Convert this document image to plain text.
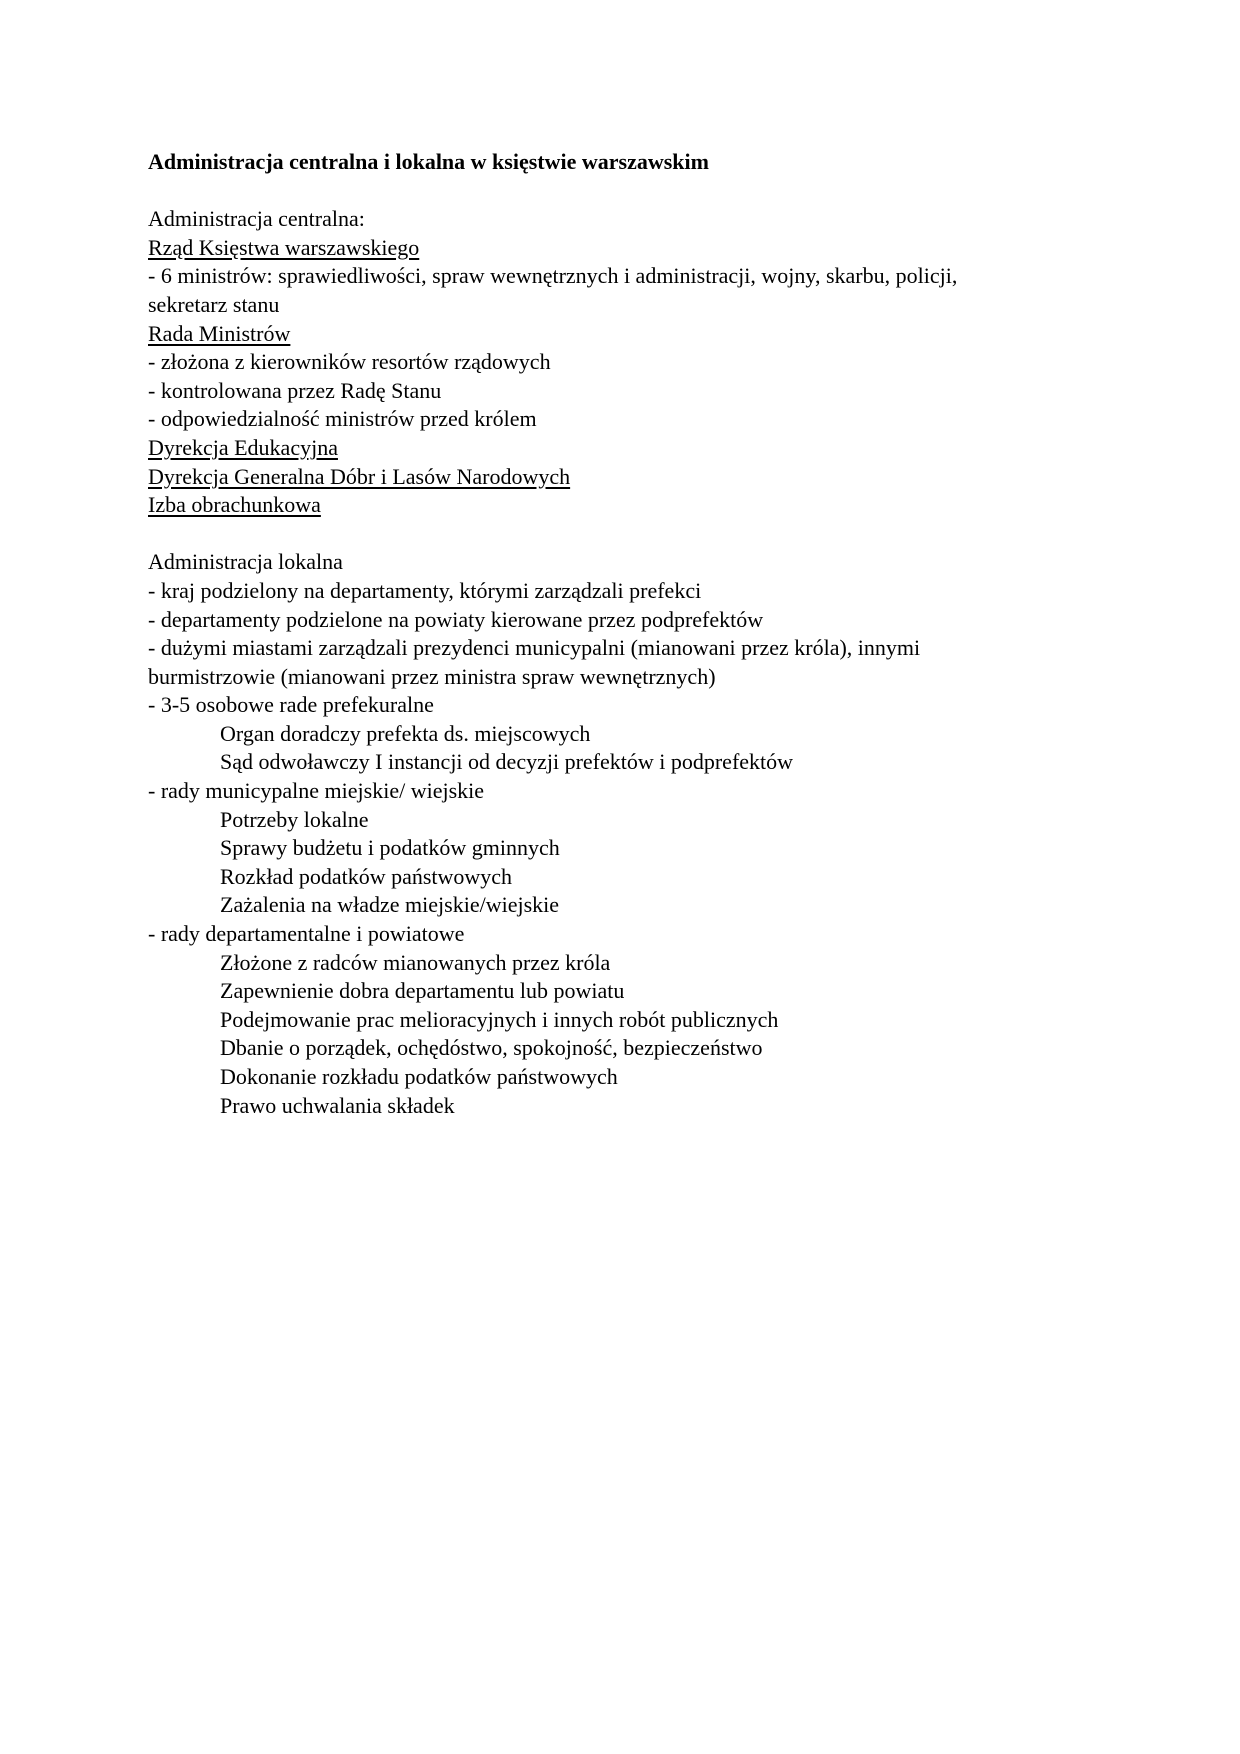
Administracja centralna i lokalna w księstwie warszawskim
Administracja centralna:
Rząd Księstwa warszawskiego
- 6 ministrów: sprawiedliwości, spraw wewnętrznych i administracji, wojny, skarbu, policji,
sekretarz stanu
Rada Ministrów
- złożona z kierowników resortów rządowych
- kontrolowana przez Radę Stanu
- odpowiedzialność ministrów przed królem
Dyrekcja Edukacyjna
Dyrekcja Generalna Dóbr i Lasów Narodowych
Izba obrachunkowa
Administracja lokalna
- kraj podzielony na departamenty, którymi zarządzali prefekci
- departamenty podzielone na powiaty kierowane przez podprefektów
- dużymi miastami zarządzali prezydenci municypalni (mianowani przez króla), innymi
burmistrzowie (mianowani przez ministra spraw wewnętrznych)
- 3-5 osobowe rade prefekuralne
Organ doradczy prefekta ds. miejscowych
Sąd odwoławczy I instancji od decyzji prefektów i podprefektów
- rady municypalne miejskie/ wiejskie
Potrzeby lokalne
Sprawy budżetu i podatków gminnych
Rozkład podatków państwowych
Zażalenia na władze miejskie/wiejskie
- rady departamentalne i powiatowe
Złożone z radców mianowanych przez króla
Zapewnienie dobra departamentu lub powiatu
Podejmowanie prac melioracyjnych i innych robót publicznych
Dbanie o porządek, ochędóstwo, spokojność, bezpieczeństwo
Dokonanie rozkładu podatków państwowych
Prawo uchwalania składek
